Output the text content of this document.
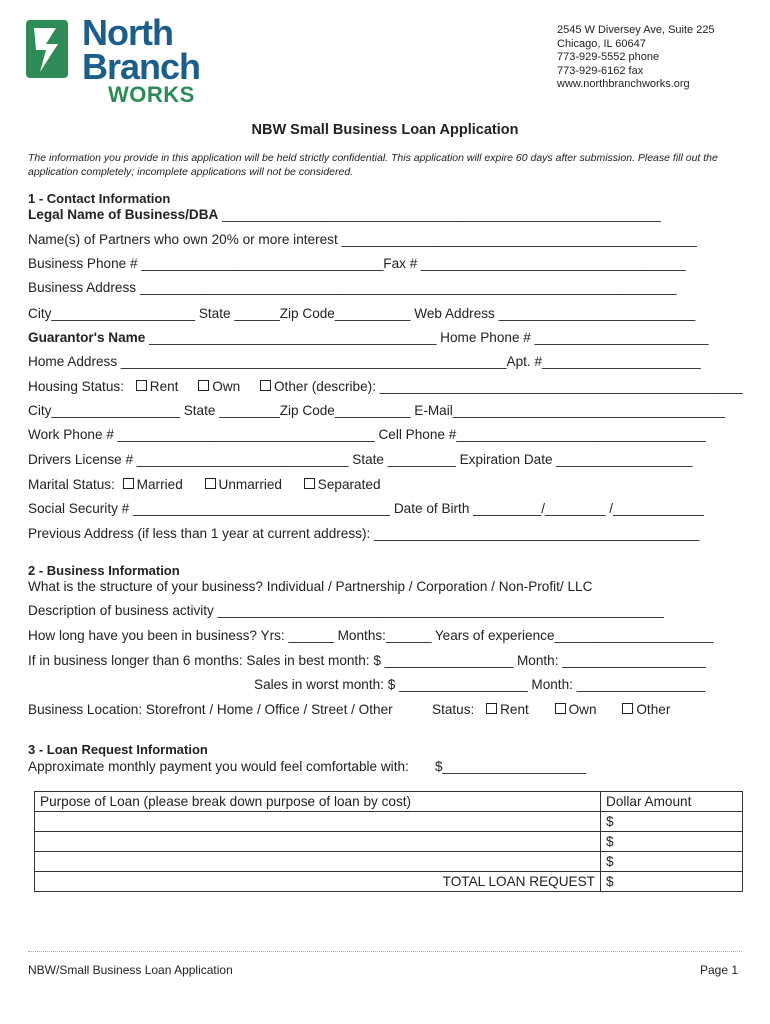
North
Branch
WORKS
2545 W Diversey Ave, Suite 225
Chicago, IL 60647
773-929-5552 phone
773-929-6162 fax
www.northbranchworks.org
NBW Small Business Loan Application
The information you provide in this application will be held strictly confidential. This application will expire 60 days after submission. Please fill out the application completely; incomplete applications will not be considered.
1 - Contact Information
Legal Name of Business/DBA __________________________________________________________
Name(s) of Partners who own 20% or more interest _______________________________________________
Business Phone # ________________________________Fax # ___________________________________
Business Address _______________________________________________________________________
City___________________ State ______Zip Code__________ Web Address __________________________
Guarantor's Name ______________________________________ Home Phone # _______________________
Home Address ___________________________________________________Apt. #_____________________
Housing Status: Rent Own Other (describe): ________________________________________________
City_________________ State ________Zip Code__________ E-Mail____________________________________
Work Phone # __________________________________ Cell Phone #_________________________________
Drivers License # ____________________________ State _________ Expiration Date __________________
Marital Status: Married	Unmarried	Separated
Social Security # __________________________________ Date of Birth _________/________ /____________
Previous Address (if less than 1 year at current address): ___________________________________________
2 - Business Information
What is the structure of your business? Individual / Partnership / Corporation / Non-Profit/ LLC
Description of business activity ___________________________________________________________
How long have you been in business? Yrs: ______ Months:______ Years of experience_____________________
If in business longer than 6 months: Sales in best month: $ _________________ Month: ___________________
Sales in worst month: $ _________________ Month: _________________
Business Location: Storefront / Home / Office / Street / Other	Status: Rent	Own	Other
3 - Loan Request Information
Approximate monthly payment you would feel comfortable with: $___________________
Purpose of Loan (please break down purpose of loan by cost)	Dollar Amount
	$
	$
	$
TOTAL LOAN REQUEST	$
NBW/Small Business Loan Application	Page 1
